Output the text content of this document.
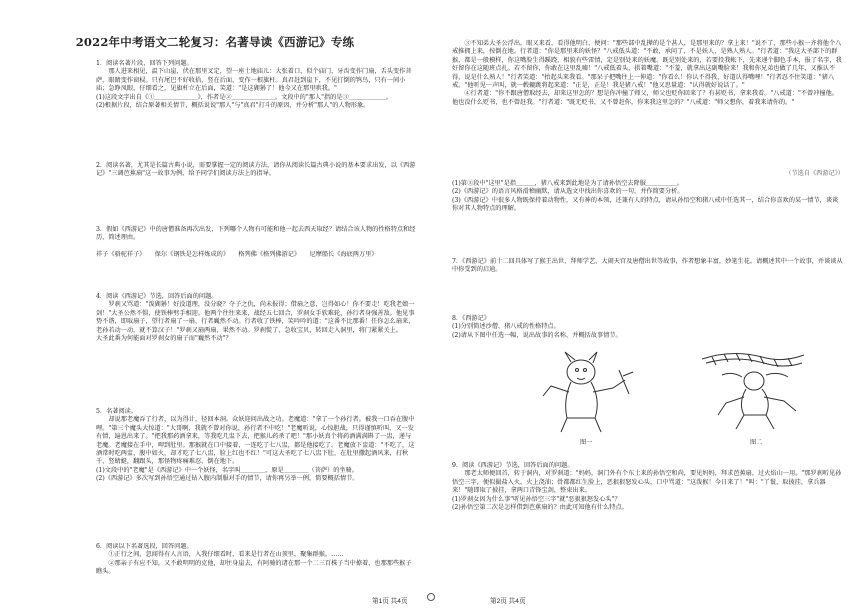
2022年中考语文二轮复习：名著导读《西游记》专练
1．阅读名著片段，回答下列问题。
　　那人进来相见，温下山崖，伏在那里叉定，望一座土地庙儿：大张着口，似个庙门，牙齿变作门扇，舌头变作菩萨，眼睛变作窗棂。只有尾巴不好收拾，竖在后面，变作一根旗杆。真君赶到崖下，不见打倒的鸨鸟，只有一间小庙；急睁凤眼，仔细看之，见旗杆立在后面，笑道："是这猢狲了！他今又在那里哄我。"
(1)这段文字出自《①＿＿＿＿＿＿＿》，作者是②＿＿＿＿＿＿＿。文段中的"那人"指的是③＿＿＿＿＿＿。
(2)根据片段，结合原著相关情节，概括说说"那人"与"真君"打斗的原因，并分析"那人"的人物形象。
2．阅读名著，尤其是长篇古典小说，需要掌握一定的阅读方法，请你从阅读长篇古典小说的基本要求出发，以《西游记》"三调芭蕉扇"这一故事为例，给予同学们阅读方法上的指导。
3．假如《西游记》中的唐僧准备再次出发，下列哪个人物有可能和他一起去西天取经？请结合该人物的性格特点和经历，简述理由。

祥子《骆驼祥子》　　保尔《钢铁是怎样炼成的》　　格列佛《格列佛游记》　　尼摩船长《海底两万里》
4．阅读《西游记》节选，回答后面的问题。
　　罗刹又骂道："泼猢狲！好没道理，没分晓？夺子之仇，尚未报得；借扇之意，岂得如心！你不要走！吃我老娘一剑！"大圣公然不惧，使铁棒劈手相迎。他两个往往来来，战经五七回合，罗刹女手软难轮，孙行者身强善敌。他见事势不谐，即取扇子，望行者扇了一扇，行者巍然不动。行者收了铁棒，笑吟吟的道："这番不比那番！任你怎么扇来，老孙若动一动，就不算汉子！"罗刹又扇两扇，果然不动。罗刹慌了，急收宝贝，转回走入洞里，将门紧紧关上。
大圣此番为何能面对罗刹女的扇子而"巍然不动"？
5．名著阅读。
　　却说那老魔吞了行者，以为得计，径回本洞。众妖迎问出战之功。老魔道："拿了一个孙行者。被我一口吞在腹中哩。"第三个魔头大惊道："大哥啊，我就不曾对你说，孙行者不中吃！"老魔听说，心惊胆战，只得谨慎听叫，又一发有情，遍恩出来了。"把我那药酒拿来，等我吃几盅下去，把猴儿药杀了吧！"那小妖真个将药酒满满斟了一盅，递与老魔。老魔接在手中，呷到肚里。那猴就在口中接着，一连吃了七八盅，都是他接吃了。老魔放下盅道："不吃了，这酒常时吃两盅，腹中如火，却才吃了七八盅，脸上红也不红！"可这大圣吃了七八盅下肚，在肚里撒起酒风来，打秋千、竖蜻蜓，翻跟头，那怪物疼痛难忍，倒在地下。
(1)文段中的"老魔"是《西游记》中一个妖怪，名字叫＿＿＿＿，原是＿＿＿＿（菩萨）的坐骑。
(2)《西游记》多次写到孙悟空通过钻入腹内制服对手的情节，请你再另举一例，简要概括情节。
6．阅读以下名著选段，回答问题。
　　①正行之间，忽闻得有人言语，入我仔细看时，看来是行者在山顶里，聚集群猴。……
　　②那亲子有应不知，又不敢明明的克他，却往身崖去，有阿骑的诸在那一个二三百株子当中撩着，也那那些猴子瞧头。
第1页 共4页
　　③不知弟大圣公浮出，眼又来看，看得他明白，便问："那些部中乱撵的是个甚人，是那里来的？拿上来！"说不了，那些小猴一齐将他个八戒推拥上来，按倒在地。行者道："你是那里来的妖怪？"八戒低头道："不敢，承问了，不是妖人，是熟人熟人。"行者道："我这大圣部下的群猴，都是一般模样，你这嘴脸生得蹊跷，相貌有些雷情，定是别处来的妖魔。既是别处来的，若要投我帐下，先来递个脚色手本，报了名字，我好留你在这随班点扎。若不留你，你敢在这里乱嘘！"八戒低着头，拱着嘴道："不羞，就拿出这副嘴脸来！我和你兄弟也做了几年，又推认不得，说是什么熟人！"行者笑道："抬起头来我看。"那呆子把嘴往上一伸道："你看么！你认不得我，好道认得嘴哩！"行者忍不住笑道："猪八戒。"他听见一声叫，就一毂辘跳将起来道："正是，正是！我是猪八戒！"他又思量道："认得就好说话了。"
　　④行者道："你不跟唐僧取经去，却来这里怎的？想是你冲撞了师父，师父也贬你回来了？有甚贬书，拿来我看。"八戒道："不曾冲撞他。他也没什么贬书，也不曾赶我。"行者道："既无贬书，又不曾赶你，你来我这里怎的？"八戒道："师父想你，着我来请你的。"
（节选自《西游记》）
(1)第③段中"这里"是指＿＿＿，猪八戒来到此地是为了请孙悟空去降服＿＿＿＿＿。
(2)《西游记》的语言风格滑稽幽默，请从选文中找出你喜欢的一句，并作简要分析。
(3)《西游记》中很多人物既保持着动物性，又有神的本领，还兼有人的特点，请从孙悟空和猪八戒中任选其一，结合你喜欢的某一情节，谈谈你对其人物特点的理解。
7．《西游记》前十二回具体写了猴王出世、拜师学艺、大闹天宫及唐僧出世等故事，作者想象丰富，妙笔生花。请概述其中一个故事，并谈谈从中你受到的启迪。
8．《西游记》
(1)分别简述沙僧、猪八戒的性格特点。
(2)请从下图中任选一幅，说出故事的名称，并概括故事情节。
图一	图二
9．阅读《西游记》节选，回答后面的问题。
　　那老太师便回首，转于洞内，对罗刹道："妈妈，洞门外有个东土来的孙悟空和尚，要见妈妈，拜求芭蕉扇，过火焰山一用。"那罗刹听见孙悟空三字，便似撮盐入火，火上浇油；骨都都红生脸上，恶狠狠怒发心头，口中骂道："这泼猴！今日来了！"叫："丫鬟，取披挂，拿兵器来！"随即取了披挂，拿两口青锋宝剑，整束出来。
(1)罗刹女因为什么事"听见孙悟空三字"就"恶狠狠怒发心头"？
(2)孙悟空第二次是怎样借到芭蕉扇的？由此可知他有什么特点。
第2页 共4页
